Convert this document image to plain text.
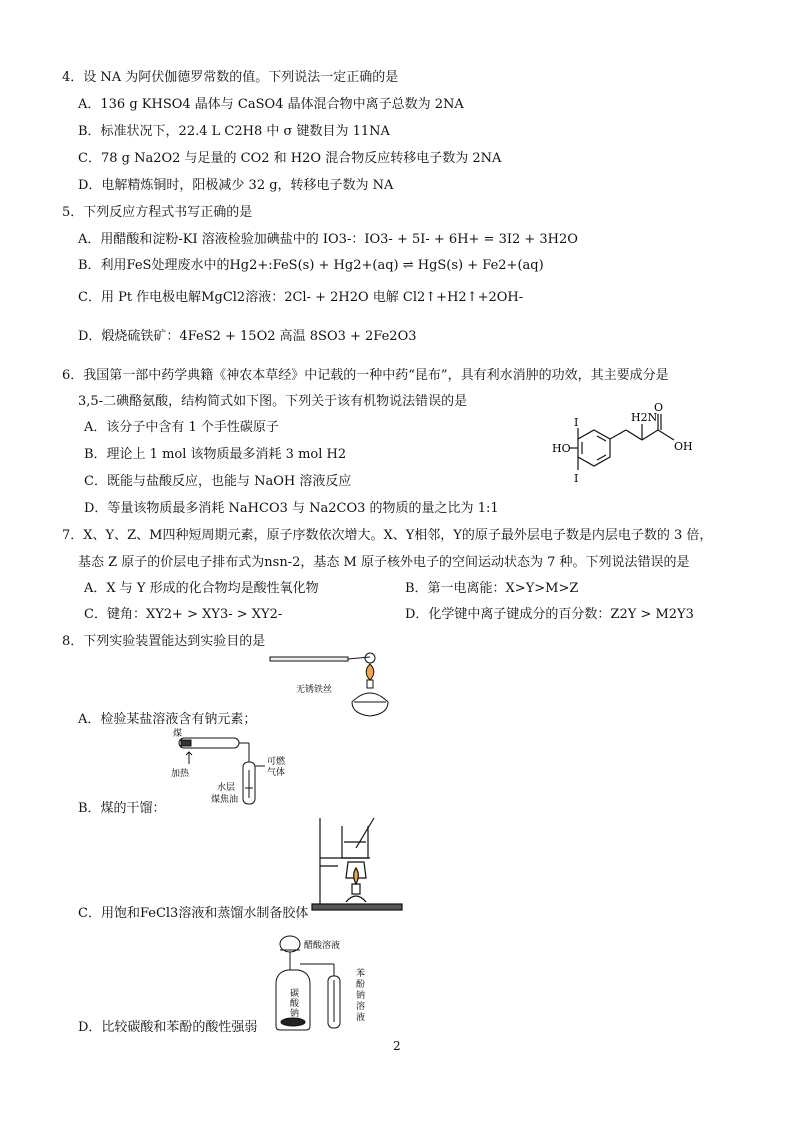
4．设 NA 为阿伏伽德罗常数的值。下列说法一定正确的是
A．136 g KHSO4 晶体与 CaSO4 晶体混合物中离子总数为 2NA
B．标准状况下，22.4 L C2H8 中 σ 键数目为 11NA
C．78 g Na2O2 与足量的 CO2 和 H2O 混合物反应转移电子数为 2NA
D．电解精炼铜时，阳极减少 32 g，转移电子数为 NA
5．下列反应方程式书写正确的是
A．用醋酸和淀粉-KI 溶液检验加碘盐中的 IO3-：IO3- + 5I- + 6H+ = 3I2 + 3H2O
B．利用FeS处理废水中的Hg2+:FeS(s) + Hg2+(aq) ⇌ HgS(s) + Fe2+(aq)
C．用 Pt 作电极电解MgCl2溶液：2Cl- + 2H2O 电解 Cl2↑+H2↑+2OH-
D．煅烧硫铁矿：4FeS2 + 15O2 高温 8SO3 + 2Fe2O3
6．我国第一部中药学典籍《神农本草经》中记载的一种中药“昆布”，具有利水消肿的功效，其主要成分是
3,5-二碘酪氨酸，结构简式如下图。下列关于该有机物说法错误的是
A．该分子中含有 1 个手性碳原子
B．理论上 1 mol 该物质最多消耗 3 mol H2
C．既能与盐酸反应，也能与 NaOH 溶液反应
D．等量该物质最多消耗 NaHCO3 与 Na2CO3 的物质的量之比为 1:1
I
I
HO
H2N
O
OH
7．X、Y、Z、M四种短周期元素，原子序数依次增大。X、Y相邻，Y的原子最外层电子数是内层电子数的 3 倍，
基态 Z 原子的价层电子排布式为nsn-2，基态 M 原子核外电子的空间运动状态为 7 种。下列说法错误的是
A．X 与 Y 形成的化合物均是酸性氧化物	B．第一电离能：X>Y>M>Z
C．键角：XY2+ > XY3- > XY2-	D．化学键中离子键成分的百分数：Z2Y > M2Y3
8．下列实验装置能达到实验目的是
无锈铁丝
A．检验某盐溶液含有钠元素；
煤
加热
可燃
气体
水层
煤焦油
B．煤的干馏：
C．用饱和FeCl3溶液和蒸馏水制备胶体
醋酸溶液
碳
酸
钠
苯
酚
钠
溶
液
D．比较碳酸和苯酚的酸性强弱
2
